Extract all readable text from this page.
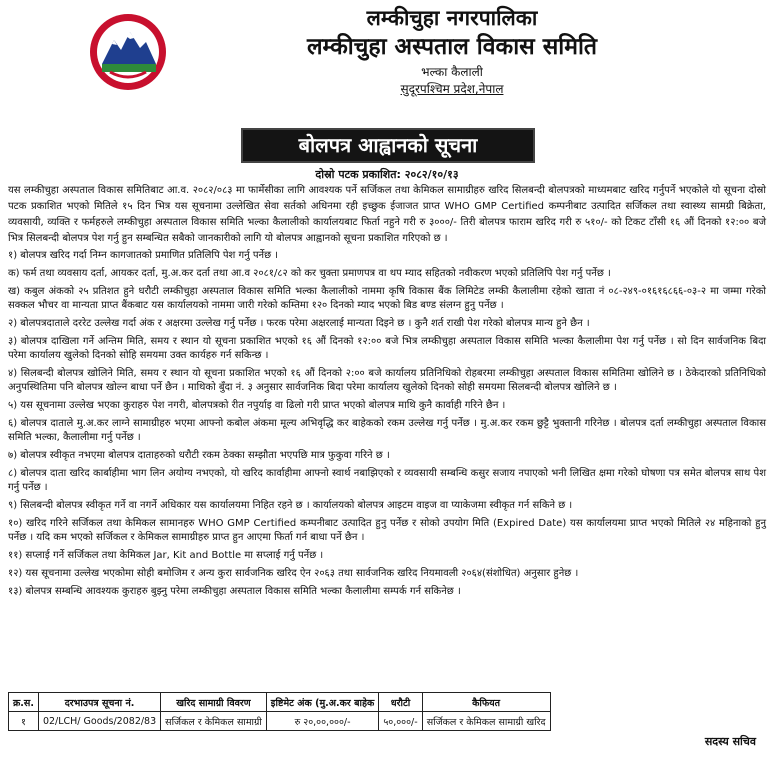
लम्कीचुहा नगरपालिका
लम्कीचुहा अस्पताल विकास समिति
भल्का कैलाली
सुदूरपश्चिम प्रदेश,नेपाल
बोलपत्र आह्वानको सूचना
दोस्रो पटक प्रकाशित: २०८२/१०/१३
यस लम्कीचुहा अस्पताल विकास समितिबाट आ.व. २०८२/०८३ मा फार्मेसीका लागि आवश्यक पर्ने सर्जिकल तथा केमिकल सामाग्रीहरु खरिद सिलबन्दी बोलपत्रको माध्यमबाट खरिद गर्नुपर्ने भएकोले यो सूचना दोस्रो पटक प्रकाशित भएको मितिले १५ दिन भित्र यस सूचनामा उल्लेखित सेवा सर्तको अधिनमा रही इच्छुक ईजाजत प्राप्त WHO GMP Certified कम्पनीबाट उत्पादित सर्जिकल तथा स्वास्थ्य सामग्री बिक्रेता, व्यवसायी, व्यक्ति र फर्महरुले लम्कीचुहा अस्पताल विकास समिति भल्का कैलालीको कार्यालयबाट फिर्ता नहुने गरी रु ३०००/- तिरी बोलपत्र फाराम खरिद गरी रु ५१०/- को टिकट टाँसी १६ औं दिनको १२:०० बजे भित्र सिलबन्दी बोलपत्र पेश गर्नु हुन सम्बन्धित सबैको जानकारीको लागि यो बोलपत्र आह्वानको सूचना प्रकाशित गरिएको छ ।
१) बोलपत्र खरिद गर्दा निम्न कागजातको प्रमाणित प्रतिलिपि पेश गर्नु पर्नेछ ।
क) फर्म तथा व्यवसाय दर्ता, आयकर दर्ता, मु.अ.कर दर्ता तथा आ.व २०८१/८२ को कर चुक्ता प्रमाणपत्र वा थप म्याद सहितको नवीकरण भएको प्रतिलिपि पेश गर्नु पर्नेछ ।
ख) कबुल अंकको २५ प्रतिशत हुने धरौटी लम्कीचुहा अस्पताल विकास समिति भल्का कैलालीको नाममा कृषि विकास बैंक लिमिटेड लम्की कैलालीमा रहेको खाता नं ०८-२४९-०१६१६८६६-०३-२ मा जम्मा गरेको सक्कल भौचर वा मान्यता प्राप्त बैंकबाट यस कार्यालयको नाममा जारी गरेको कम्तिमा १२० दिनको म्याद भएको बिड बण्ड संलग्न हुनु पर्नेछ ।
२) बोलपत्रदाताले दररेट उल्लेख गर्दा अंक र अक्षरमा उल्लेख गर्नु पर्नेछ । फरक परेमा अक्षरलाई मान्यता दिइने छ । कुनै शर्त राखी पेश गरेको बोलपत्र मान्य हुने छैन ।
३) बोलपत्र दाखिला गर्ने अन्तिम मिति, समय र स्थान यो सूचना प्रकाशित भएको १६ औं दिनको १२:०० बजे भित्र लम्कीचुहा अस्पताल विकास समिति भल्का कैलालीमा पेश गर्नु पर्नेछ । सो दिन सार्वजनिक बिदा परेमा कार्यालय खुलेको दिनको सोहि समयमा उक्त कार्यहरु गर्न सकिन्छ ।
४) सिलबन्दी बोलपत्र खोलिने मिति, समय र स्थान यो सूचना प्रकाशित भएको १६ औं दिनको २:०० बजे कार्यालय प्रतिनिधिको रोहबरमा लम्कीचुहा अस्पताल विकास समितिमा खोलिने छ । ठेकेदारको प्रतिनिधिको अनुपस्थितिमा पनि बोलपत्र खोल्न बाधा पर्ने छैन । माथिको बुँदा नं. ३ अनुसार सार्वजनिक बिदा परेमा कार्यालय खुलेको दिनको सोही समयमा सिलबन्दी बोलपत्र खोलिने छ ।
५) यस सूचनामा उल्लेख भएका कुराहरु पेश नगरी, बोलपत्रको रीत नपुर्याइ वा ढिलो गरी प्राप्त भएको बोलपत्र माथि कुनै कार्वाही गरिने छैन ।
६) बोलपत्र दाताले मु.अ.कर लाग्ने सामाग्रीहरु भएमा आफ्नो कबोल अंकमा मूल्य अभिवृद्धि कर बाहेकको रकम उल्लेख गर्नु पर्नेछ । मु.अ.कर रकम छुट्टै भुक्तानी गरिनेछ । बोलपत्र दर्ता लम्कीचुहा अस्पताल विकास समिति भल्का, कैलालीमा गर्नु पर्नेछ ।
७) बोलपत्र स्वीकृत नभएमा बोलपत्र दाताहरुको धरौटी रकम ठेक्का सम्झौता भएपछि मात्र फुकुवा गरिने छ ।
८) बोलपत्र दाता खरिद कार्बाहीमा भाग लिन अयोग्य नभएको, यो खरिद कार्वाहीमा आफ्नो स्वार्थ नबाझिएको र व्यवसायी सम्बन्धि कसुर सजाय नपाएको भनी लिखित क्षमा गरेको घोषणा पत्र समेत बोलपत्र साथ पेश गर्नु पर्नेछ ।
९) सिलबन्दी बोलपत्र स्वीकृत गर्ने वा नगर्ने अधिकार यस कार्यालयमा निहित रहने छ । कार्यालयको बोलपत्र आइटम वाइज वा प्याकेजमा स्वीकृत गर्न सकिने छ ।
१०) खरिद गरिने सर्जिकल तथा केमिकल सामानहरु WHO GMP Certified कम्पनीबाट उत्पादित हुनु पर्नेछ र सोको उपयोग मिति (Expired Date) यस कार्यालयमा प्राप्त भएको मितिले २४ महिनाको हुनु पर्नेछ । यदि कम भएको सर्जिकल र केमिकल सामाग्रीहरु प्राप्त हुन आएमा फिर्ता गर्न बाधा पर्ने छैन ।
११) सप्लाई गर्ने सर्जिकल तथा केमिकल Jar, Kit and Bottle मा सप्लाई गर्नु पर्नेछ ।
१२) यस सूचनामा उल्लेख भएकोमा सोही बमोजिम र अन्य कुरा सार्वजनिक खरिद ऐन २०६३ तथा सार्वजनिक खरिद नियमावली २०६४(संशोधित) अनुसार हुनेछ ।
१३) बोलपत्र सम्बन्धि आवश्यक कुराहरु बुझ्नु परेमा लम्कीचुहा अस्पताल विकास समिति भल्का कैलालीमा सम्पर्क गर्न सकिनेछ ।
क्र.स.	दरभाउपत्र सूचना नं.	खरिद सामाग्री विवरण	इष्टिमेट अंक (मु.अ.कर बाहेक	धरौटी	कैफियत
१	02/LCH/ Goods/2082/83	सर्जिकल र केमिकल सामाग्री	रु २०,००,०००/-	५०,०००/-	सर्जिकल र केमिकल सामाग्री खरिद
सदस्य सचिव
